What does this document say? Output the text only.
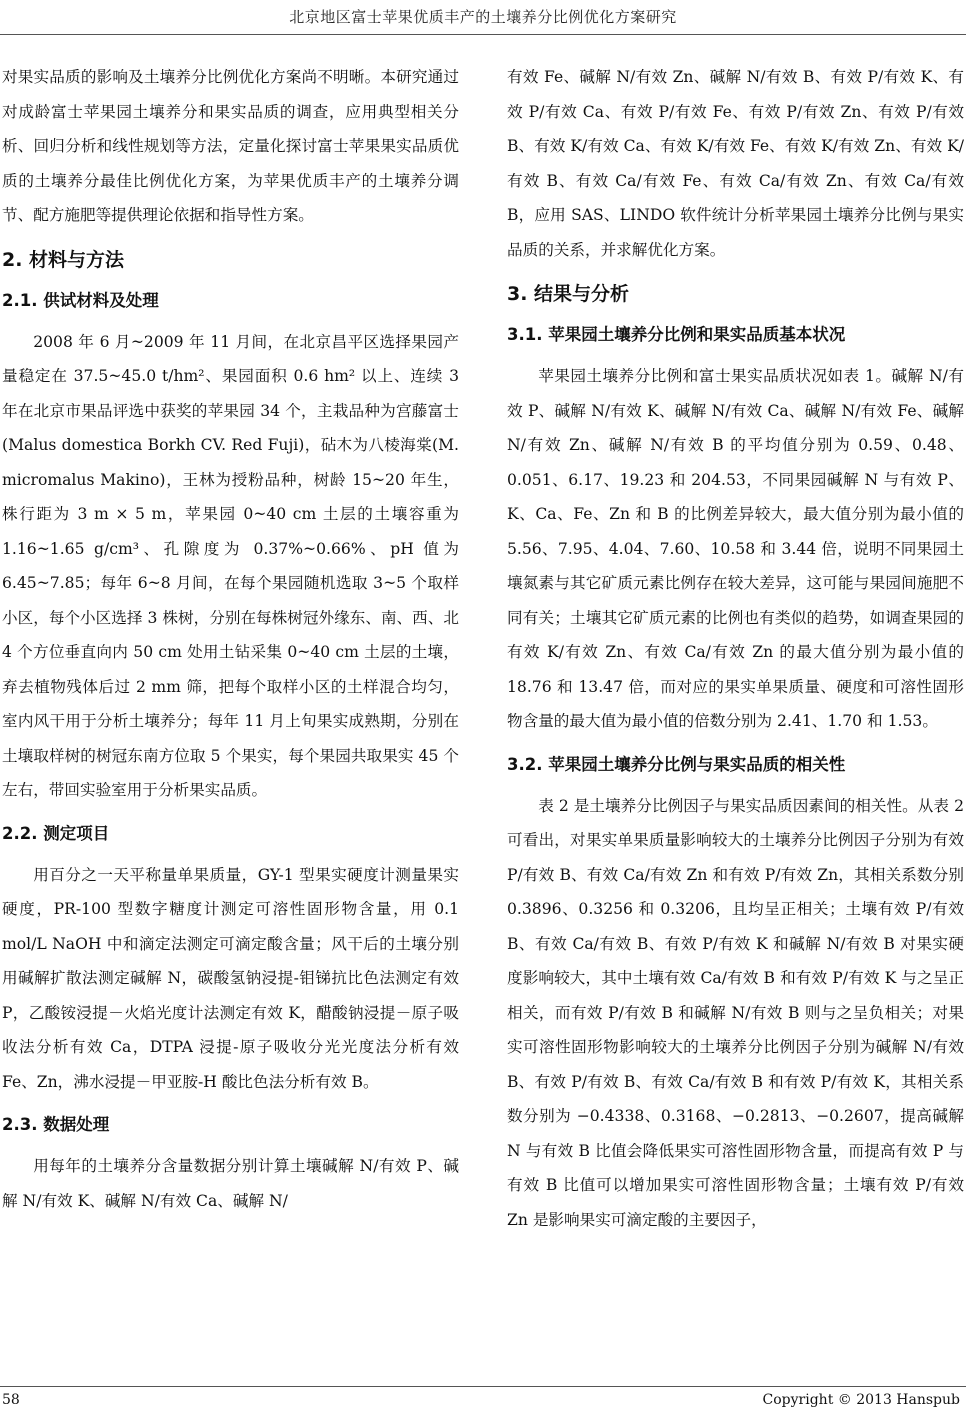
北京地区富士苹果优质丰产的土壤养分比例优化方案研究

对果实品质的影响及土壤养分比例优化方案尚不明晰。本研究通过对成龄富士苹果园土壤养分和果实品质的调查，应用典型相关分析、回归分析和线性规划等方法，定量化探讨富士苹果果实品质优质的土壤养分最佳比例优化方案，为苹果优质丰产的土壤养分调节、配方施肥等提供理论依据和指导性方案。

2. 材料与方法
2.1. 供试材料及处理

2008 年 6 月~2009 年 11 月间，在北京昌平区选择果园产量稳定在 37.5~45.0 t/hm²、果园面积 0.6 hm² 以上、连续 3 年在北京市果品评选中获奖的苹果园 34 个，主栽品种为宫藤富士(Malus domestica Borkh CV. Red Fuji)，砧木为八棱海棠(M. micromalus Makino)，王林为授粉品种，树龄 15~20 年生，株行距为 3 m × 5 m，苹果园 0~40 cm 土层的土壤容重为 1.16~1.65 g/cm³、孔隙度为 0.37%~0.66%、pH 值为 6.45~7.85；每年 6~8 月间，在每个果园随机选取 3~5 个取样小区，每个小区选择 3 株树，分别在每株树冠外缘东、南、西、北 4 个方位垂直向内 50 cm 处用土钻采集 0~40 cm 土层的土壤，弃去植物残体后过 2 mm 筛，把每个取样小区的土样混合均匀，室内风干用于分析土壤养分；每年 11 月上旬果实成熟期，分别在土壤取样树的树冠东南方位取 5 个果实，每个果园共取果实 45 个左右，带回实验室用于分析果实品质。

2.2. 测定项目

用百分之一天平称量单果质量，GY-1 型果实硬度计测量果实硬度，PR-100 型数字糖度计测定可溶性固形物含量，用 0.1 mol/L NaOH 中和滴定法测定可滴定酸含量；风干后的土壤分别用碱解扩散法测定碱解 N，碳酸氢钠浸提-钼锑抗比色法测定有效 P，乙酸铵浸提－火焰光度计法测定有效 K，醋酸钠浸提－原子吸收法分析有效 Ca，DTPA 浸提-原子吸收分光光度法分析有效 Fe、Zn，沸水浸提－甲亚胺-H 酸比色法分析有效 B。

2.3. 数据处理

用每年的土壤养分含量数据分别计算土壤碱解 N/有效 P、碱解 N/有效 K、碱解 N/有效 Ca、碱解 N/

有效 Fe、碱解 N/有效 Zn、碱解 N/有效 B、有效 P/有效 K、有效 P/有效 Ca、有效 P/有效 Fe、有效 P/有效 Zn、有效 P/有效 B、有效 K/有效 Ca、有效 K/有效 Fe、有效 K/有效 Zn、有效 K/有效 B、有效 Ca/有效 Fe、有效 Ca/有效 Zn、有效 Ca/有效 B，应用 SAS、LINDO 软件统计分析苹果园土壤养分比例与果实品质的关系，并求解优化方案。

3. 结果与分析
3.1. 苹果园土壤养分比例和果实品质基本状况

苹果园土壤养分比例和富士果实品质状况如表 1。碱解 N/有效 P、碱解 N/有效 K、碱解 N/有效 Ca、碱解 N/有效 Fe、碱解 N/有效 Zn、碱解 N/有效 B 的平均值分别为 0.59、0.48、0.051、6.17、19.23 和 204.53，不同果园碱解 N 与有效 P、K、Ca、Fe、Zn 和 B 的比例差异较大，最大值分别为最小值的 5.56、7.95、4.04、7.60、10.58 和 3.44 倍，说明不同果园土壤氮素与其它矿质元素比例存在较大差异，这可能与果园间施肥不同有关；土壤其它矿质元素的比例也有类似的趋势，如调查果园的有效 K/有效 Zn、有效 Ca/有效 Zn 的最大值分别为最小值的 18.76 和 13.47 倍，而对应的果实单果质量、硬度和可溶性固形物含量的最大值为最小值的倍数分别为 2.41、1.70 和 1.53。

3.2. 苹果园土壤养分比例与果实品质的相关性

表 2 是土壤养分比例因子与果实品质因素间的相关性。从表 2 可看出，对果实单果质量影响较大的土壤养分比例因子分别为有效 P/有效 B、有效 Ca/有效 Zn 和有效 P/有效 Zn，其相关系数分别 0.3896、0.3256 和 0.3206，且均呈正相关；土壤有效 P/有效 B、有效 Ca/有效 B、有效 P/有效 K 和碱解 N/有效 B 对果实硬度影响较大，其中土壤有效 Ca/有效 B 和有效 P/有效 K 与之呈正相关，而有效 P/有效 B 和碱解 N/有效 B 则与之呈负相关；对果实可溶性固形物影响较大的土壤养分比例因子分别为碱解 N/有效 B、有效 P/有效 B、有效 Ca/有效 B 和有效 P/有效 K，其相关系数分别为 −0.4338、0.3168、−0.2813、−0.2607，提高碱解 N 与有效 B 比值会降低果实可溶性固形物含量，而提高有效 P 与有效 B 比值可以增加果实可溶性固形物含量；土壤有效 P/有效 Zn 是影响果实可滴定酸的主要因子，

58	Copyright © 2013 Hanspub
